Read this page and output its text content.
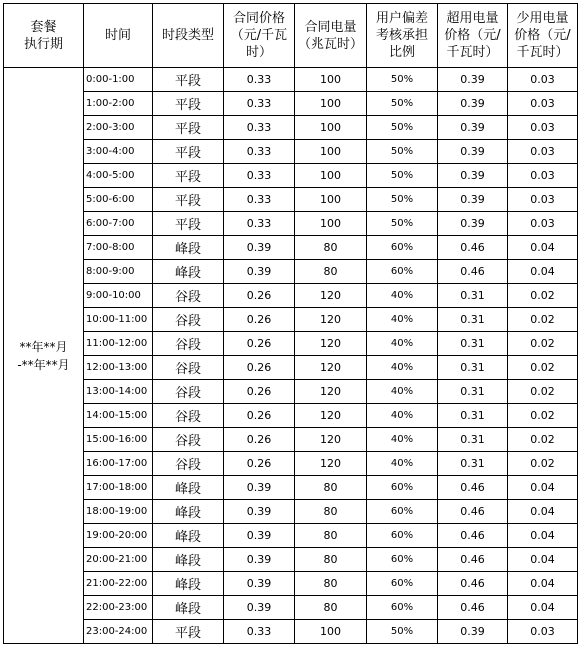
套餐
执行期	时间	时段类型	合同价格
（元/千瓦
时）	合同电量
（兆瓦时）	用户偏差
考核承担
比例	超用电量
价格（元/
千瓦时）	少用电量
价格（元/
千瓦时）

**年**月
-**年**月	0:00-1:00	平段	0.33	100	50%	0.39	0.03
	1:00-2:00	平段	0.33	100	50%	0.39	0.03
	2:00-3:00	平段	0.33	100	50%	0.39	0.03
	3:00-4:00	平段	0.33	100	50%	0.39	0.03
	4:00-5:00	平段	0.33	100	50%	0.39	0.03
	5:00-6:00	平段	0.33	100	50%	0.39	0.03
	6:00-7:00	平段	0.33	100	50%	0.39	0.03
	7:00-8:00	峰段	0.39	80	60%	0.46	0.04
	8:00-9:00	峰段	0.39	80	60%	0.46	0.04
	9:00-10:00	谷段	0.26	120	40%	0.31	0.02
	10:00-11:00	谷段	0.26	120	40%	0.31	0.02
	11:00-12:00	谷段	0.26	120	40%	0.31	0.02
	12:00-13:00	谷段	0.26	120	40%	0.31	0.02
	13:00-14:00	谷段	0.26	120	40%	0.31	0.02
	14:00-15:00	谷段	0.26	120	40%	0.31	0.02
	15:00-16:00	谷段	0.26	120	40%	0.31	0.02
	16:00-17:00	谷段	0.26	120	40%	0.31	0.02
	17:00-18:00	峰段	0.39	80	60%	0.46	0.04
	18:00-19:00	峰段	0.39	80	60%	0.46	0.04
	19:00-20:00	峰段	0.39	80	60%	0.46	0.04
	20:00-21:00	峰段	0.39	80	60%	0.46	0.04
	21:00-22:00	峰段	0.39	80	60%	0.46	0.04
	22:00-23:00	峰段	0.39	80	60%	0.46	0.04
	23:00-24:00	平段	0.33	100	50%	0.39	0.03
